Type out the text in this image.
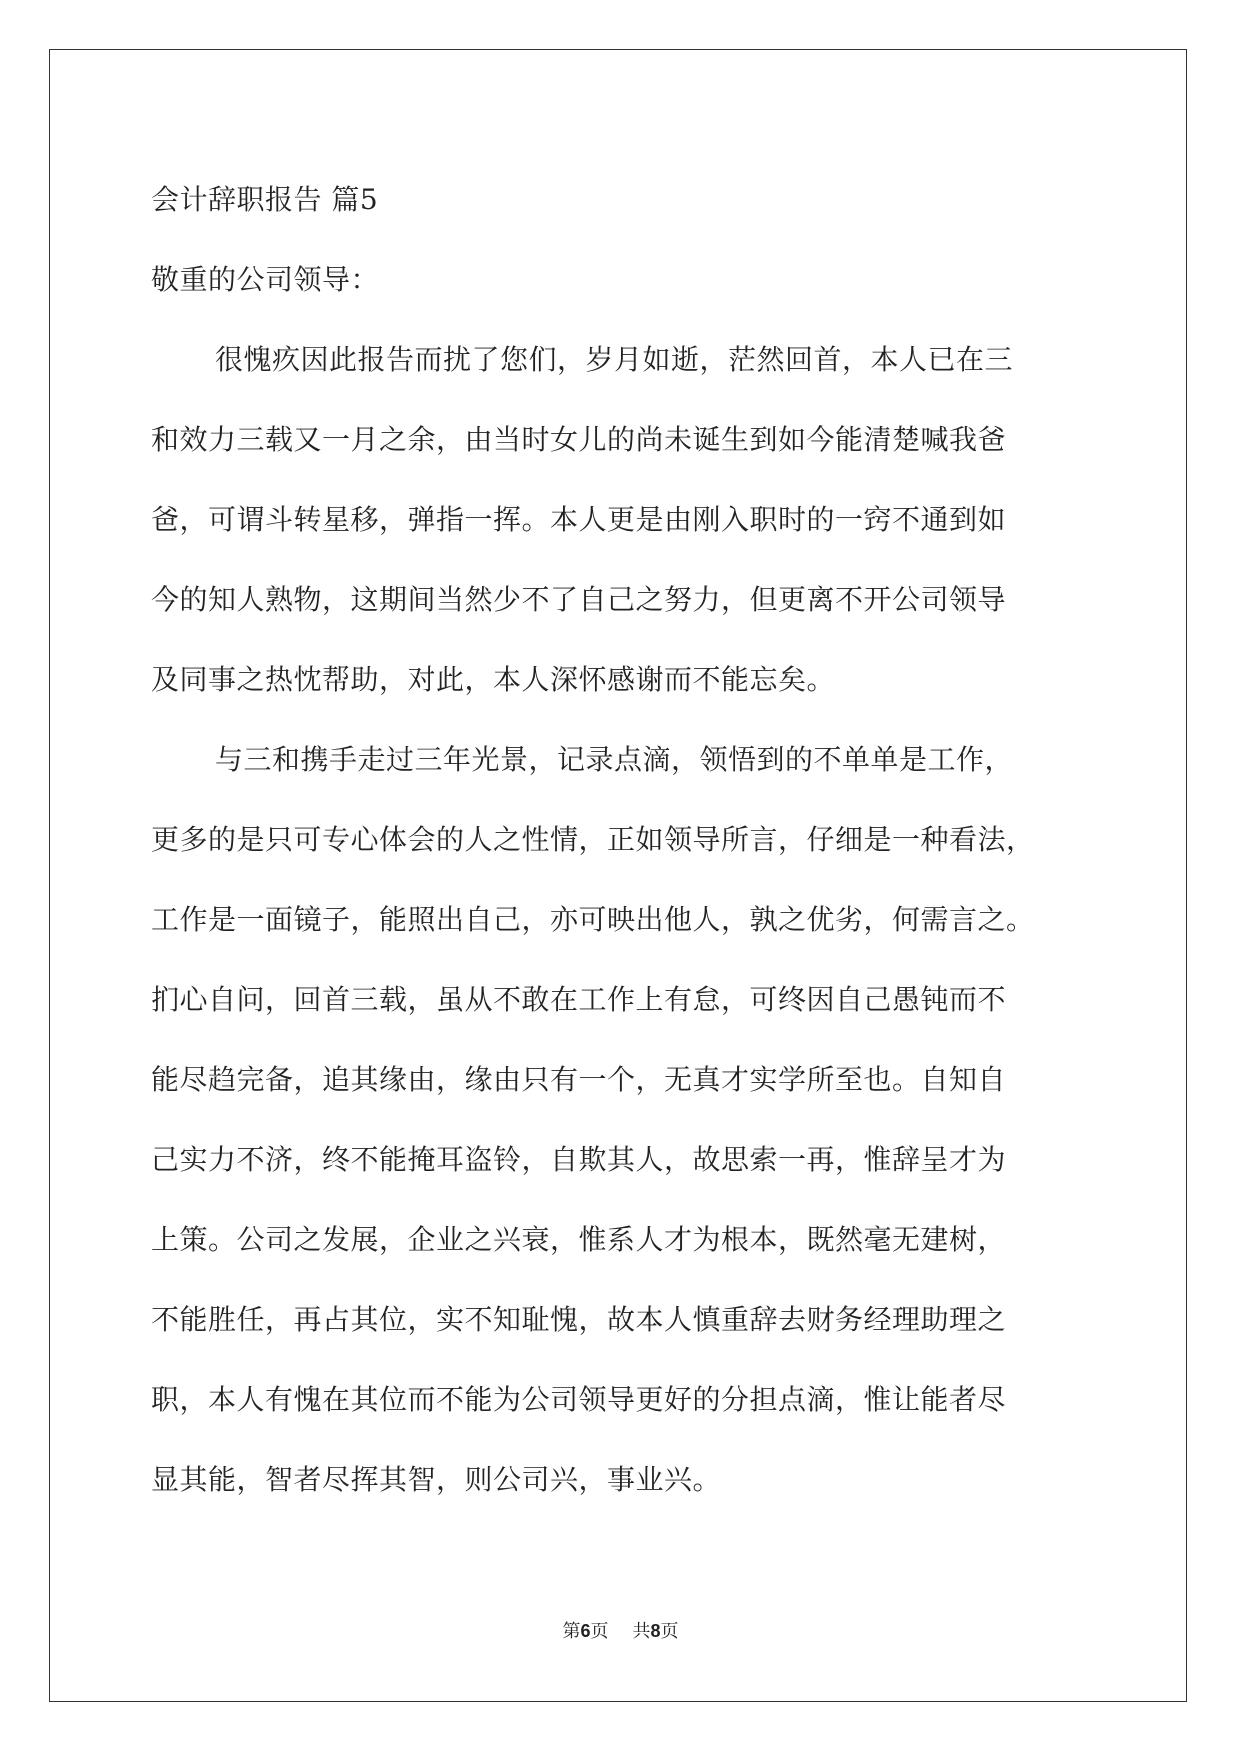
会计辞职报告 篇5
敬重的公司领导：
很愧疚因此报告而扰了您们，岁月如逝，茫然回首，本人已在三
和效力三载又一月之余，由当时女儿的尚未诞生到如今能清楚喊我爸
爸，可谓斗转星移，弹指一挥。本人更是由刚入职时的一窍不通到如
今的知人熟物，这期间当然少不了自己之努力，但更离不开公司领导
及同事之热忱帮助，对此，本人深怀感谢而不能忘矣。
与三和携手走过三年光景，记录点滴，领悟到的不单单是工作，
更多的是只可专心体会的人之性情，正如领导所言，仔细是一种看法，
工作是一面镜子，能照出自己，亦可映出他人，孰之优劣，何需言之。
扪心自问，回首三载，虽从不敢在工作上有怠，可终因自己愚钝而不
能尽趋完备，追其缘由，缘由只有一个，无真才实学所至也。自知自
己实力不济，终不能掩耳盗铃，自欺其人，故思索一再，惟辞呈才为
上策。公司之发展，企业之兴衰，惟系人才为根本，既然毫无建树，
不能胜任，再占其位，实不知耻愧，故本人慎重辞去财务经理助理之
职，本人有愧在其位而不能为公司领导更好的分担点滴，惟让能者尽
显其能，智者尽挥其智，则公司兴，事业兴。
第6页 共8页
